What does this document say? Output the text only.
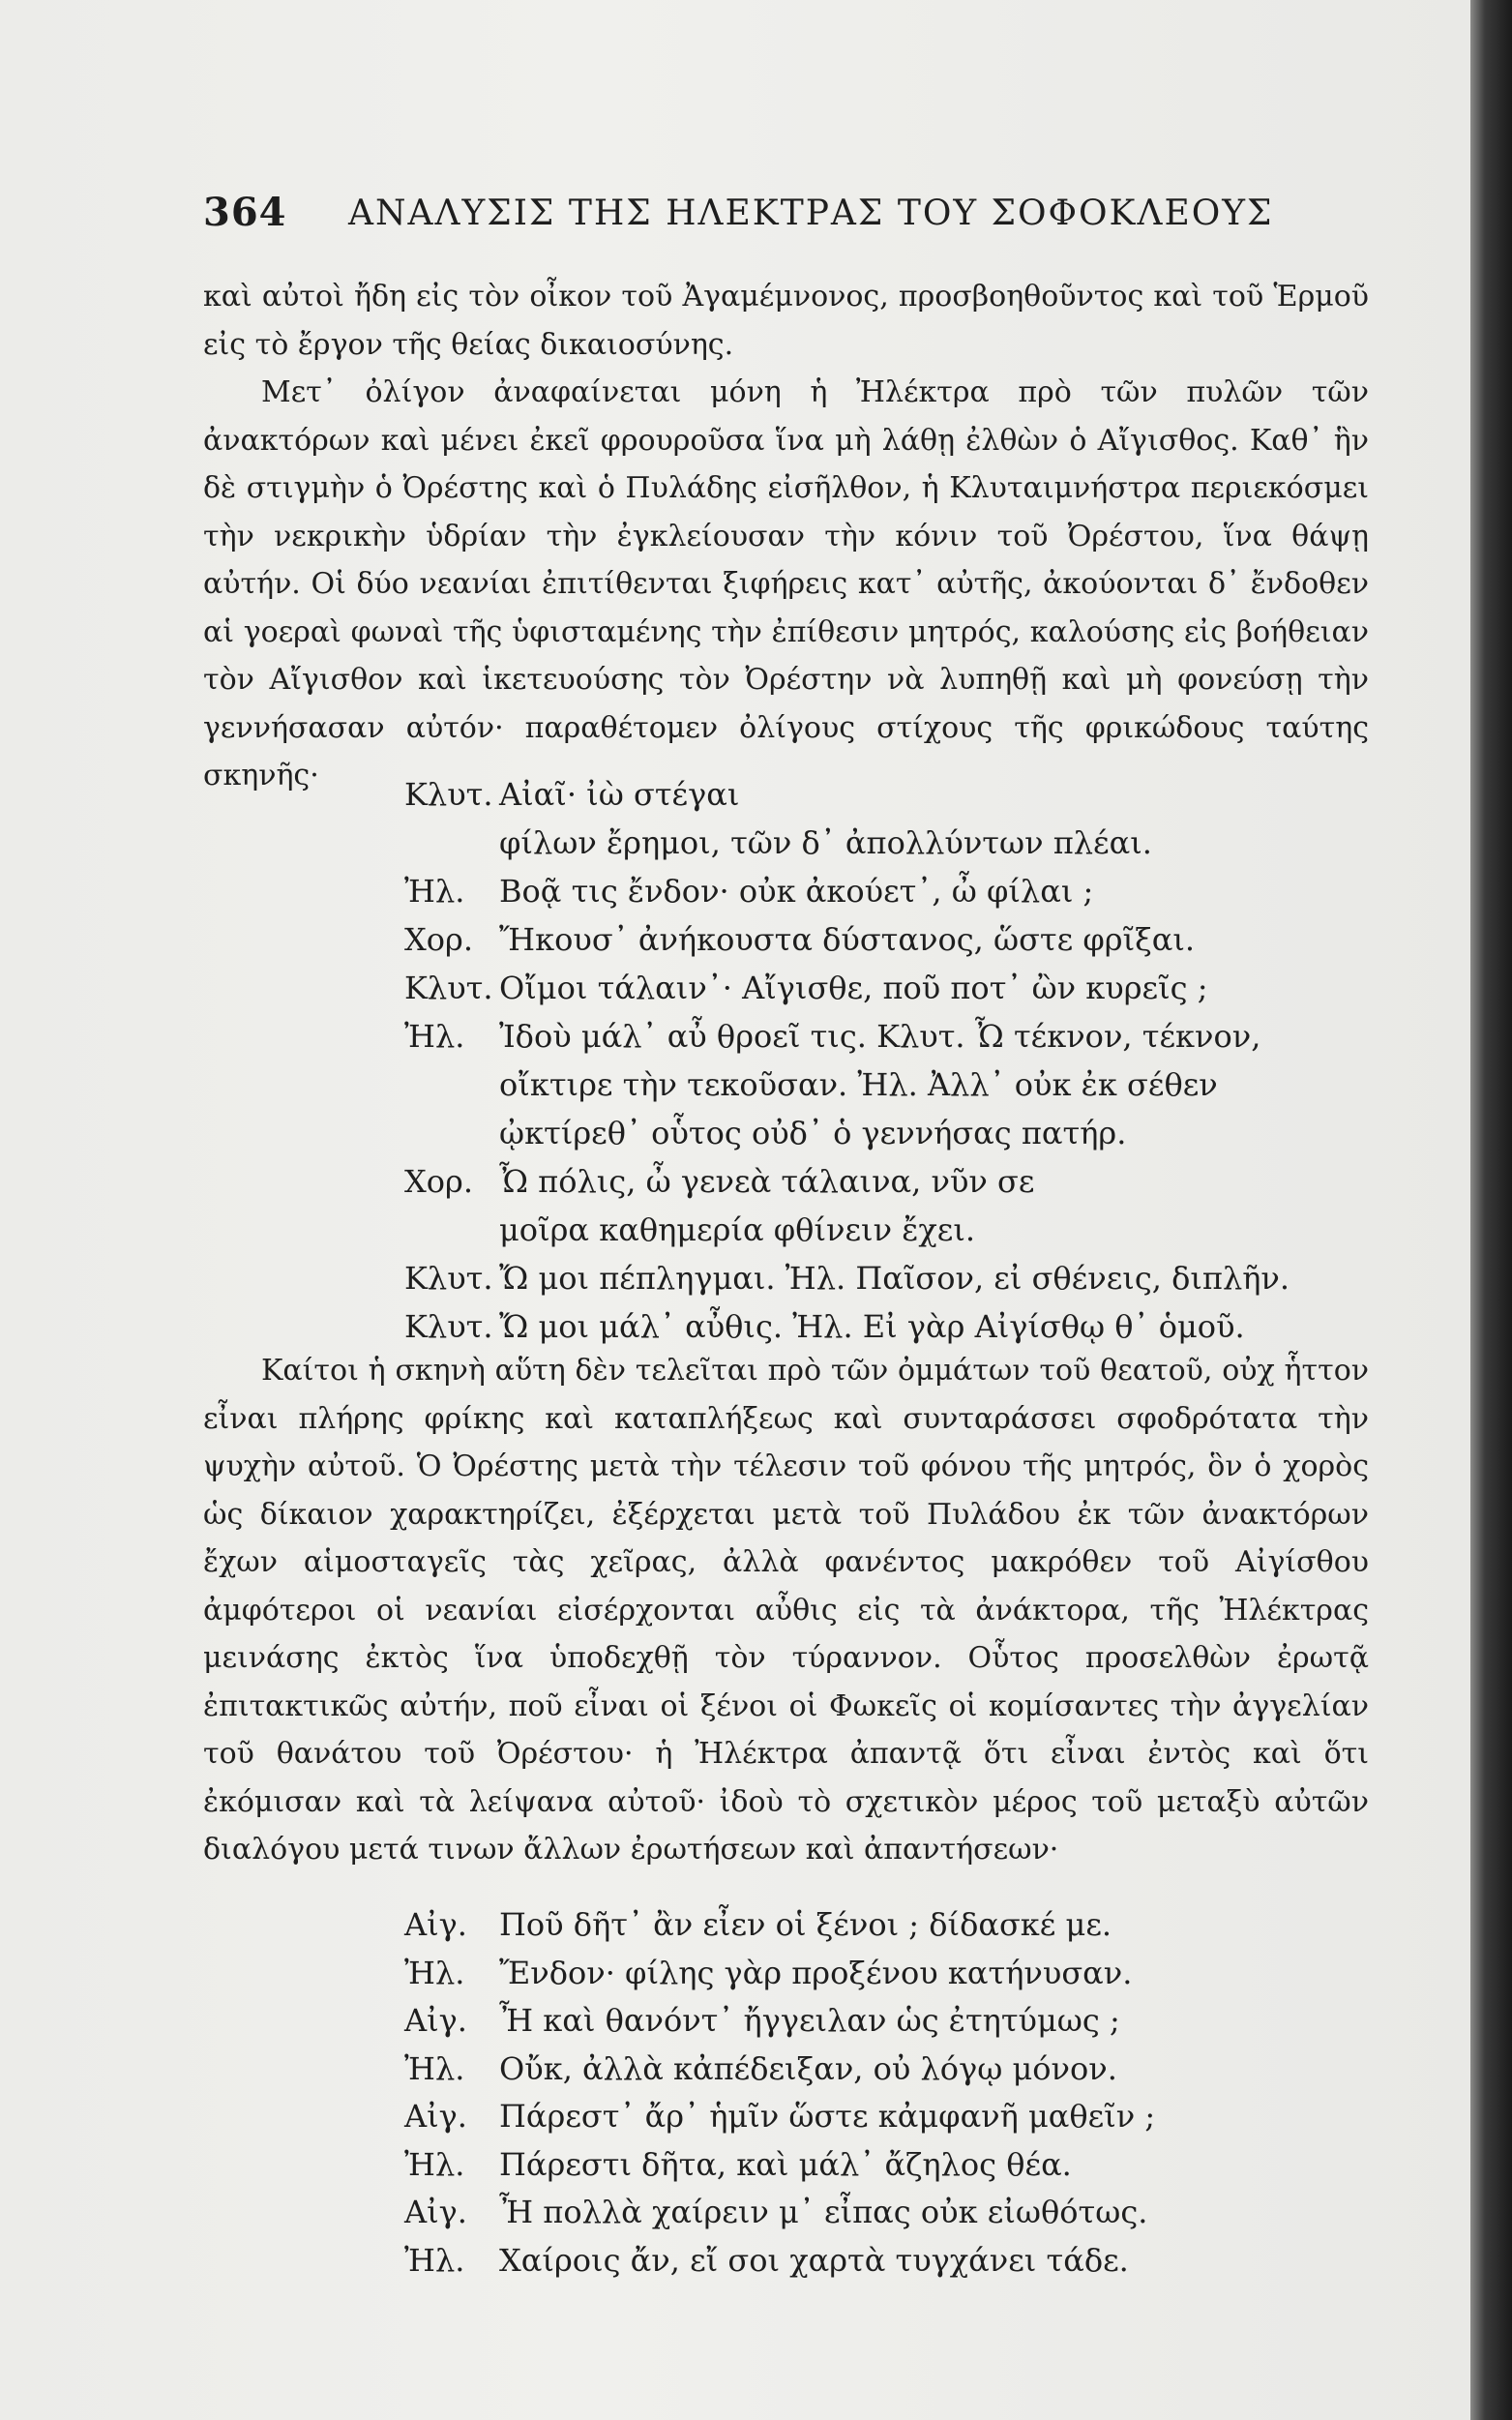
364 ΑΝΑΛΥΣΙΣ ΤΗΣ ΗΛΕΚΤΡΑΣ ΤΟΥ ΣΟΦΟΚΛΕΟΥΣ

καὶ αὐτοὶ ἤδη εἰς τὸν οἶκον τοῦ Ἀγαμέμνονος, προσβοηθοῦντος καὶ τοῦ Ἑρμοῦ εἰς τὸ ἔργον τῆς θείας δικαιοσύνης.

Μετ᾽ ὀλίγον ἀναφαίνεται μόνη ἡ Ἠλέκτρα πρὸ τῶν πυλῶν τῶν ἀνακτόρων καὶ μένει ἐκεῖ φρουροῦσα ἵνα μὴ λάθῃ ἐλθὼν ὁ Αἴγισθος. Καθ᾽ ἣν δὲ στιγμὴν ὁ Ὀρέστης καὶ ὁ Πυλάδης εἰσῆλθον, ἡ Κλυταιμνήστρα περιεκόσμει τὴν νεκρικὴν ὑδρίαν τὴν ἐγκλείουσαν τὴν κόνιν τοῦ Ὀρέστου, ἵνα θάψῃ αὐτήν. Οἱ δύο νεανίαι ἐπιτίθενται ξιφήρεις κατ᾽ αὐτῆς, ἀκούονται δ᾽ ἔνδοθεν αἱ γοεραὶ φωναὶ τῆς ὑφισταμένης τὴν ἐπίθεσιν μητρός, καλούσης εἰς βοήθειαν τὸν Αἴγισθον καὶ ἱκετευούσης τὸν Ὀρέστην νὰ λυπηθῇ καὶ μὴ φονεύσῃ τὴν γεννήσασαν αὐτόν· παραθέτομεν ὀλίγους στίχους τῆς φρικώδους ταύτης σκηνῆς·

Κλυτ. Αἰαῖ· ἰὼ στέγαι
φίλων ἔρημοι, τῶν δ᾽ ἀπολλύντων πλέαι.
Ἠλ. Βοᾷ τις ἔνδον· οὐκ ἀκούετ᾽, ὦ φίλαι ;
Χορ. Ἤκουσ᾽ ἀνήκουστα δύστανος, ὥστε φρῖξαι.
Κλυτ. Οἴμοι τάλαιν᾽· Αἴγισθε, ποῦ ποτ᾽ ὢν κυρεῖς ;
Ἠλ. Ἰδοὺ μάλ᾽ αὖ θροεῖ τις. Κλυτ. Ὦ τέκνον, τέκνον,
οἴκτιρε τὴν τεκοῦσαν. Ἠλ. Ἀλλ᾽ οὐκ ἐκ σέθεν
ᾠκτίρεθ᾽ οὗτος οὐδ᾽ ὁ γεννήσας πατήρ.
Χορ. Ὦ πόλις, ὦ γενεὰ τάλαινα, νῦν σε
μοῖρα καθημερία φθίνειν ἔχει.
Κλυτ. Ὤ μοι πέπληγμαι. Ἠλ. Παῖσον, εἰ σθένεις, διπλῆν.
Κλυτ. Ὤ μοι μάλ᾽ αὖθις. Ἠλ. Εἰ γὰρ Αἰγίσθῳ θ᾽ ὁμοῦ.

Καίτοι ἡ σκηνὴ αὕτη δὲν τελεῖται πρὸ τῶν ὀμμάτων τοῦ θεατοῦ, οὐχ ἧττον εἶναι πλήρης φρίκης καὶ καταπλήξεως καὶ συνταράσσει σφοδρότατα τὴν ψυχὴν αὐτοῦ. Ὁ Ὀρέστης μετὰ τὴν τέλεσιν τοῦ φόνου τῆς μητρός, ὃν ὁ χορὸς ὡς δίκαιον χαρακτηρίζει, ἐξέρχεται μετὰ τοῦ Πυλάδου ἐκ τῶν ἀνακτόρων ἔχων αἱμοσταγεῖς τὰς χεῖρας, ἀλλὰ φανέντος μακρόθεν τοῦ Αἰγίσθου ἀμφότεροι οἱ νεανίαι εἰσέρχονται αὖθις εἰς τὰ ἀνάκτορα, τῆς Ἠλέκτρας μεινάσης ἐκτὸς ἵνα ὑποδεχθῇ τὸν τύραννον. Οὗτος προσελθὼν ἐρωτᾷ ἐπιτακτικῶς αὐτήν, ποῦ εἶναι οἱ ξένοι οἱ Φωκεῖς οἱ κομίσαντες τὴν ἀγγελίαν τοῦ θανάτου τοῦ Ὀρέστου· ἡ Ἠλέκτρα ἀπαντᾷ ὅτι εἶναι ἐντὸς καὶ ὅτι ἐκόμισαν καὶ τὰ λείψανα αὐτοῦ· ἰδοὺ τὸ σχετικὸν μέρος τοῦ μεταξὺ αὐτῶν διαλόγου μετά τινων ἄλλων ἐρωτήσεων καὶ ἀπαντήσεων·

Αἰγ. Ποῦ δῆτ᾽ ἂν εἶεν οἱ ξένοι ; δίδασκέ με.
Ἠλ. Ἔνδον· φίλης γὰρ προξένου κατήνυσαν.
Αἰγ. Ἦ καὶ θανόντ᾽ ἤγγειλαν ὡς ἐτητύμως ;
Ἠλ. Οὔκ, ἀλλὰ κἀπέδειξαν, οὐ λόγῳ μόνον.
Αἰγ. Πάρεστ᾽ ἄρ᾽ ἡμῖν ὥστε κἀμφανῆ μαθεῖν ;
Ἠλ. Πάρεστι δῆτα, καὶ μάλ᾽ ἄζηλος θέα.
Αἰγ. Ἦ πολλὰ χαίρειν μ᾽ εἶπας οὐκ εἰωθότως.
Ἠλ. Χαίροις ἄν, εἴ σοι χαρτὰ τυγχάνει τάδε.
